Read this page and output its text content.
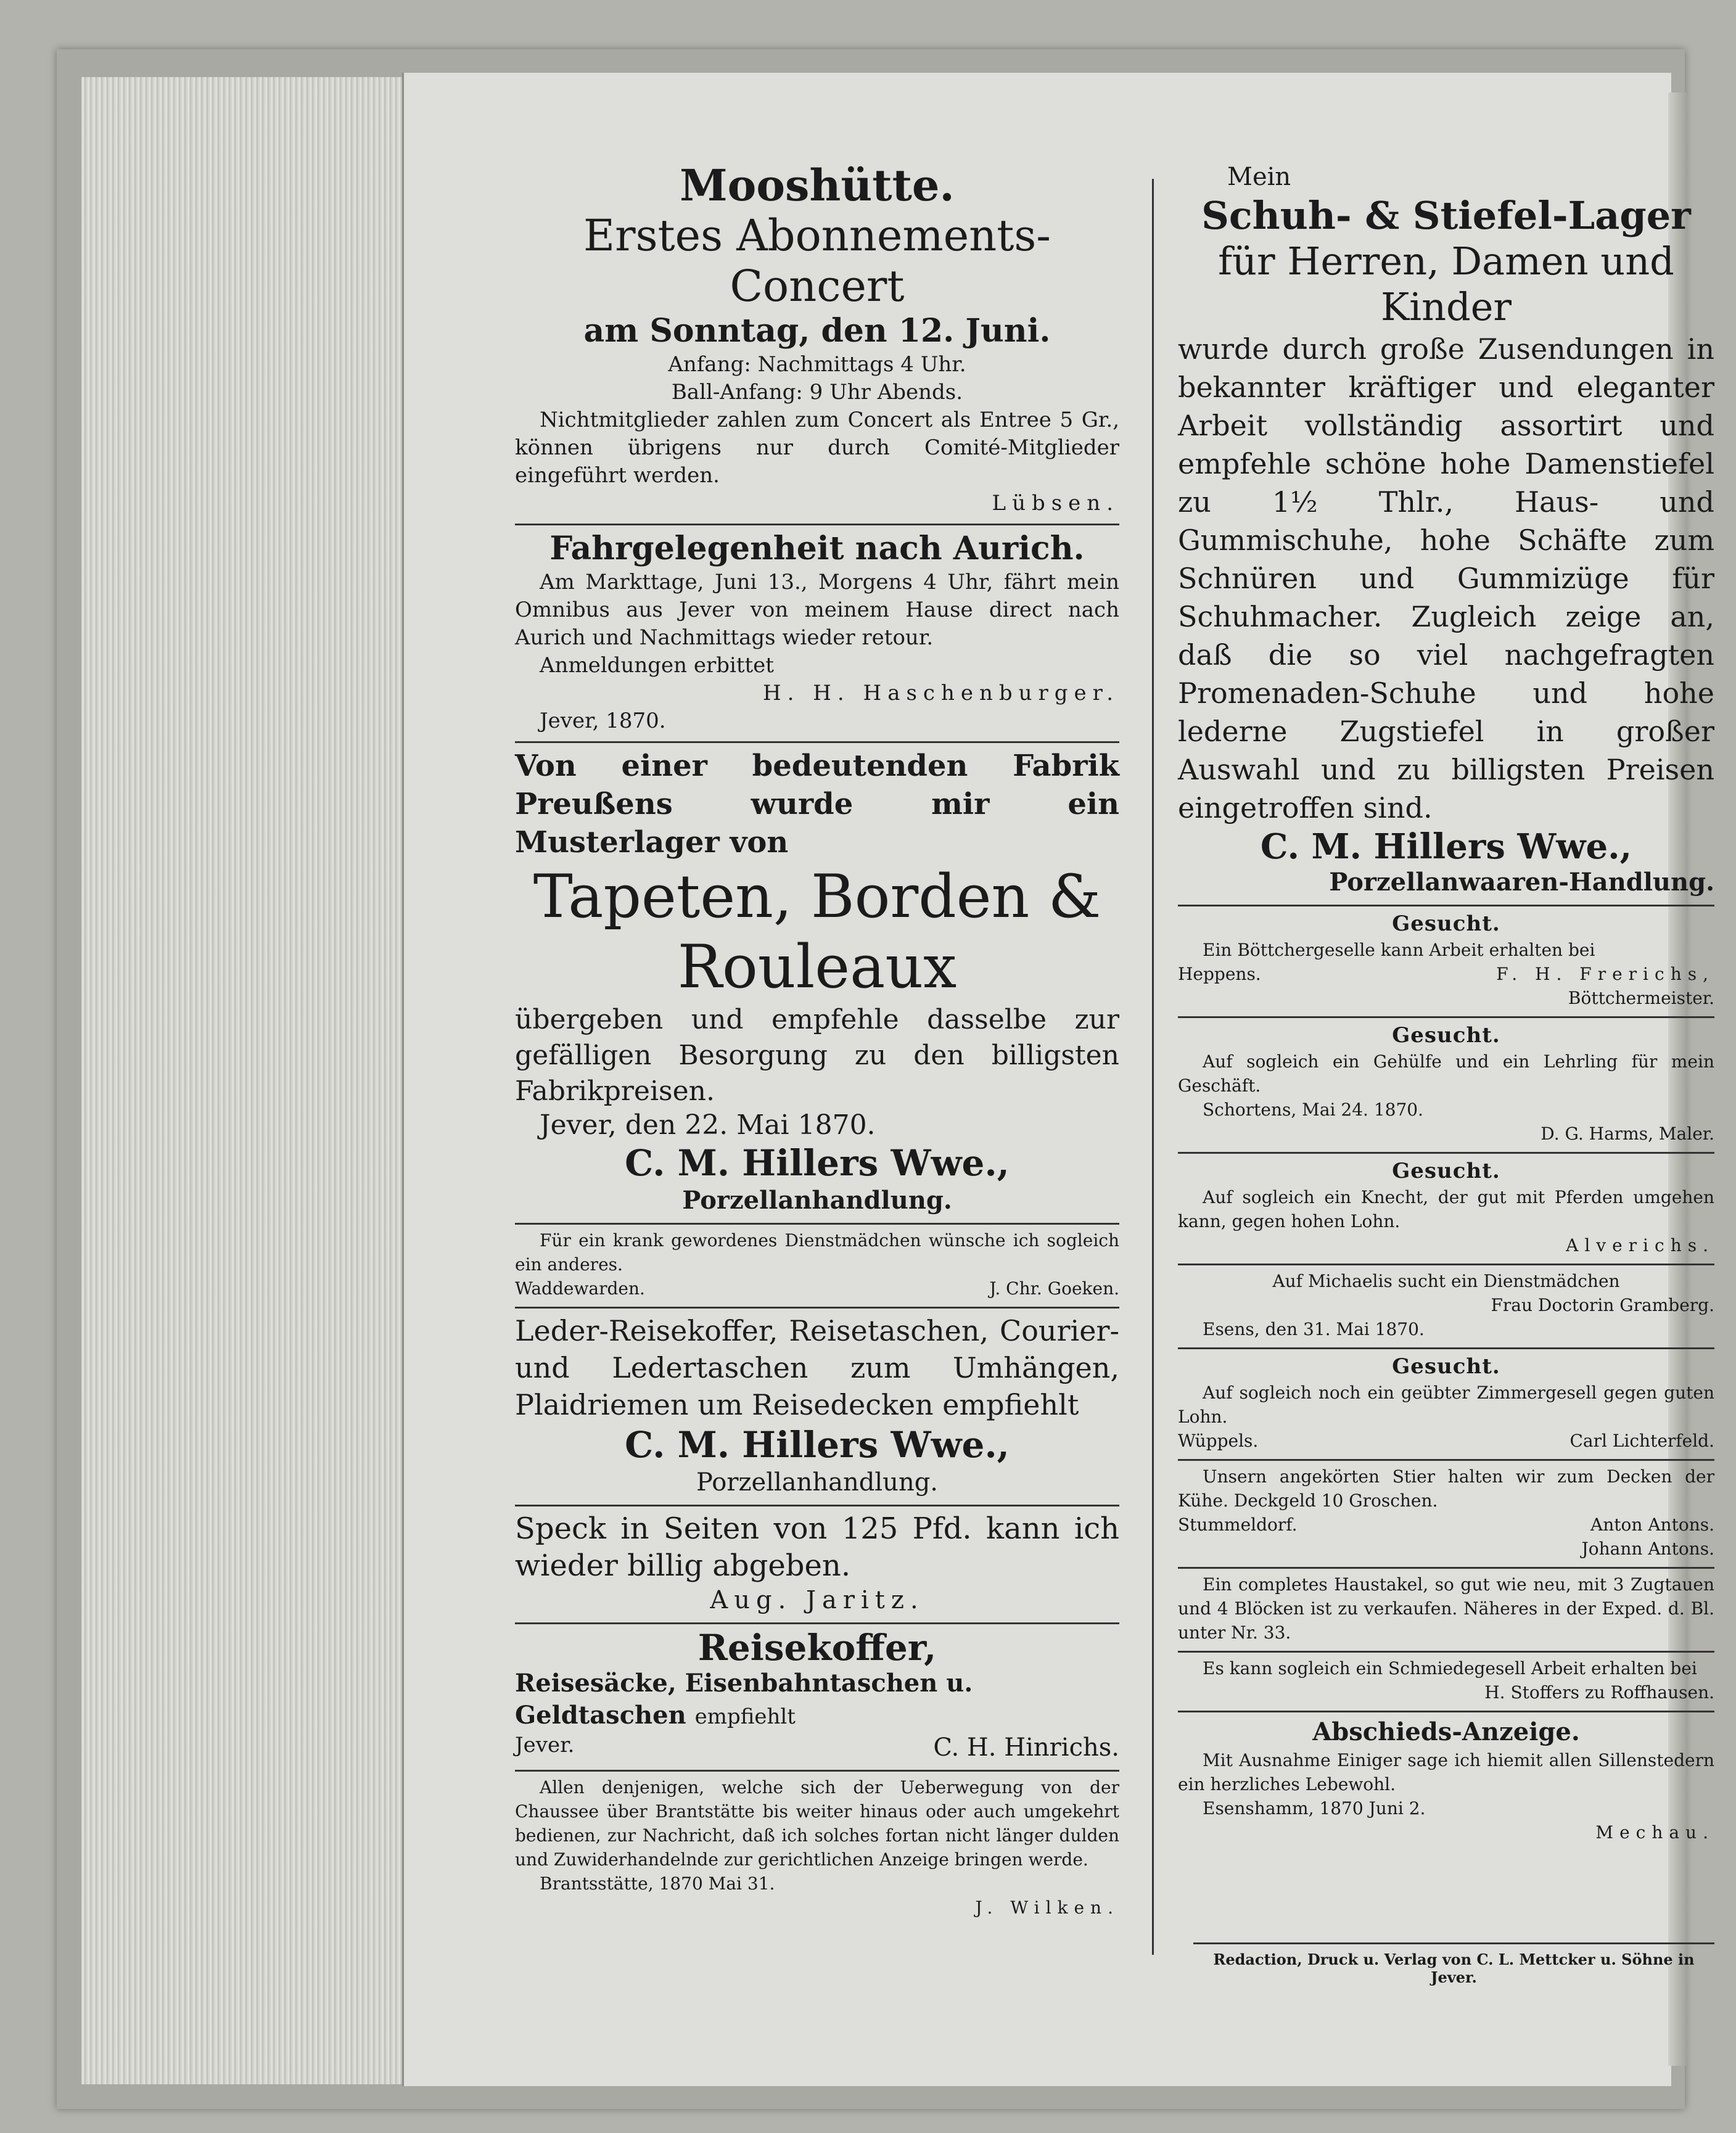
Mooshütte.
Erstes Abonnements-Concert
am Sonntag, den 12. Juni.
Anfang: Nachmittags 4 Uhr.
Ball-Anfang: 9 Uhr Abends.
Nichtmitglieder zahlen zum Concert als Entree 5 Gr., können übrigens nur durch Comité-Mitglieder eingeführt werden.
Lübsen.
Fahrgelegenheit nach Aurich.
Am Markttage, Juni 13., Morgens 4 Uhr, fährt mein Omnibus aus Jever von meinem Hause direct nach Aurich und Nachmittags wieder retour.
Anmeldungen erbittet
H. H. Haschenburger.
Jever, 1870.
Von einer bedeutenden Fabrik Preußens wurde mir ein Musterlager von
Tapeten, Borden &
Rouleaux
übergeben und empfehle dasselbe zur gefälligen Besorgung zu den billigsten Fabrikpreisen.
Jever, den 22. Mai 1870.
C. M. Hillers Wwe.,
Porzellanhandlung.
Für ein krank gewordenes Dienstmädchen wünsche ich sogleich ein anderes.
Waddewarden.	J. Chr. Goeken.
Leder-Reisekoffer, Reisetaschen, Courier- und Ledertaschen zum Umhängen, Plaidriemen um Reisedecken empfiehlt
C. M. Hillers Wwe.,
Porzellanhandlung.
Speck in Seiten von 125 Pfd. kann ich wieder billig abgeben.
Aug. Jaritz.
Reisekoffer,
Reisesäcke, Eisenbahntaschen u. Geldtaschen empfiehlt
Jever.	C. H. Hinrichs.
Allen denjenigen, welche sich der Ueberwegung von der Chaussee über Brantstätte bis weiter hinaus oder auch umgekehrt bedienen, zur Nachricht, daß ich solches fortan nicht länger dulden und Zuwiderhandelnde zur gerichtlichen Anzeige bringen werde.
Brantsstätte, 1870 Mai 31.
J. Wilken.
Mein
Schuh- & Stiefel-Lager
für Herren, Damen und
Kinder
wurde durch große Zusendungen in bekannter kräftiger und eleganter Arbeit vollständig assortirt und empfehle schöne hohe Damenstiefel zu 1½ Thlr., Haus- und Gummischuhe, hohe Schäfte zum Schnüren und Gummizüge für Schuhmacher. Zugleich zeige an, daß die so viel nachgefragten Promenaden-Schuhe und hohe lederne Zugstiefel in großer Auswahl und zu billigsten Preisen eingetroffen sind.
C. M. Hillers Wwe.,
Porzellanwaaren-Handlung.
Gesucht.
Ein Böttchergeselle kann Arbeit erhalten bei
Heppens.	F. H. Frerichs,
Böttchermeister.
Gesucht.
Auf sogleich ein Gehülfe und ein Lehrling für mein Geschäft.
Schortens, Mai 24. 1870.
D. G. Harms, Maler.
Gesucht.
Auf sogleich ein Knecht, der gut mit Pferden umgehen kann, gegen hohen Lohn.
Alverichs.
Auf Michaelis sucht ein Dienstmädchen
Frau Doctorin Gramberg.
Esens, den 31. Mai 1870.
Gesucht.
Auf sogleich noch ein geübter Zimmergesell gegen guten Lohn.
Wüppels.	Carl Lichterfeld.
Unsern angekörten Stier halten wir zum Decken der Kühe. Deckgeld 10 Groschen.
Stummeldorf.	Anton Antons.
Johann Antons.
Ein completes Haustakel, so gut wie neu, mit 3 Zugtauen und 4 Blöcken ist zu verkaufen. Näheres in der Exped. d. Bl. unter Nr. 33.
Es kann sogleich ein Schmiedegesell Arbeit erhalten bei
H. Stoffers zu Roffhausen.
Abschieds-Anzeige.
Mit Ausnahme Einiger sage ich hiemit allen Sillenstedern ein herzliches Lebewohl.
Esenshamm, 1870 Juni 2.
Mechau.
Redaction, Druck u. Verlag von C. L. Mettcker u. Söhne in Jever.
